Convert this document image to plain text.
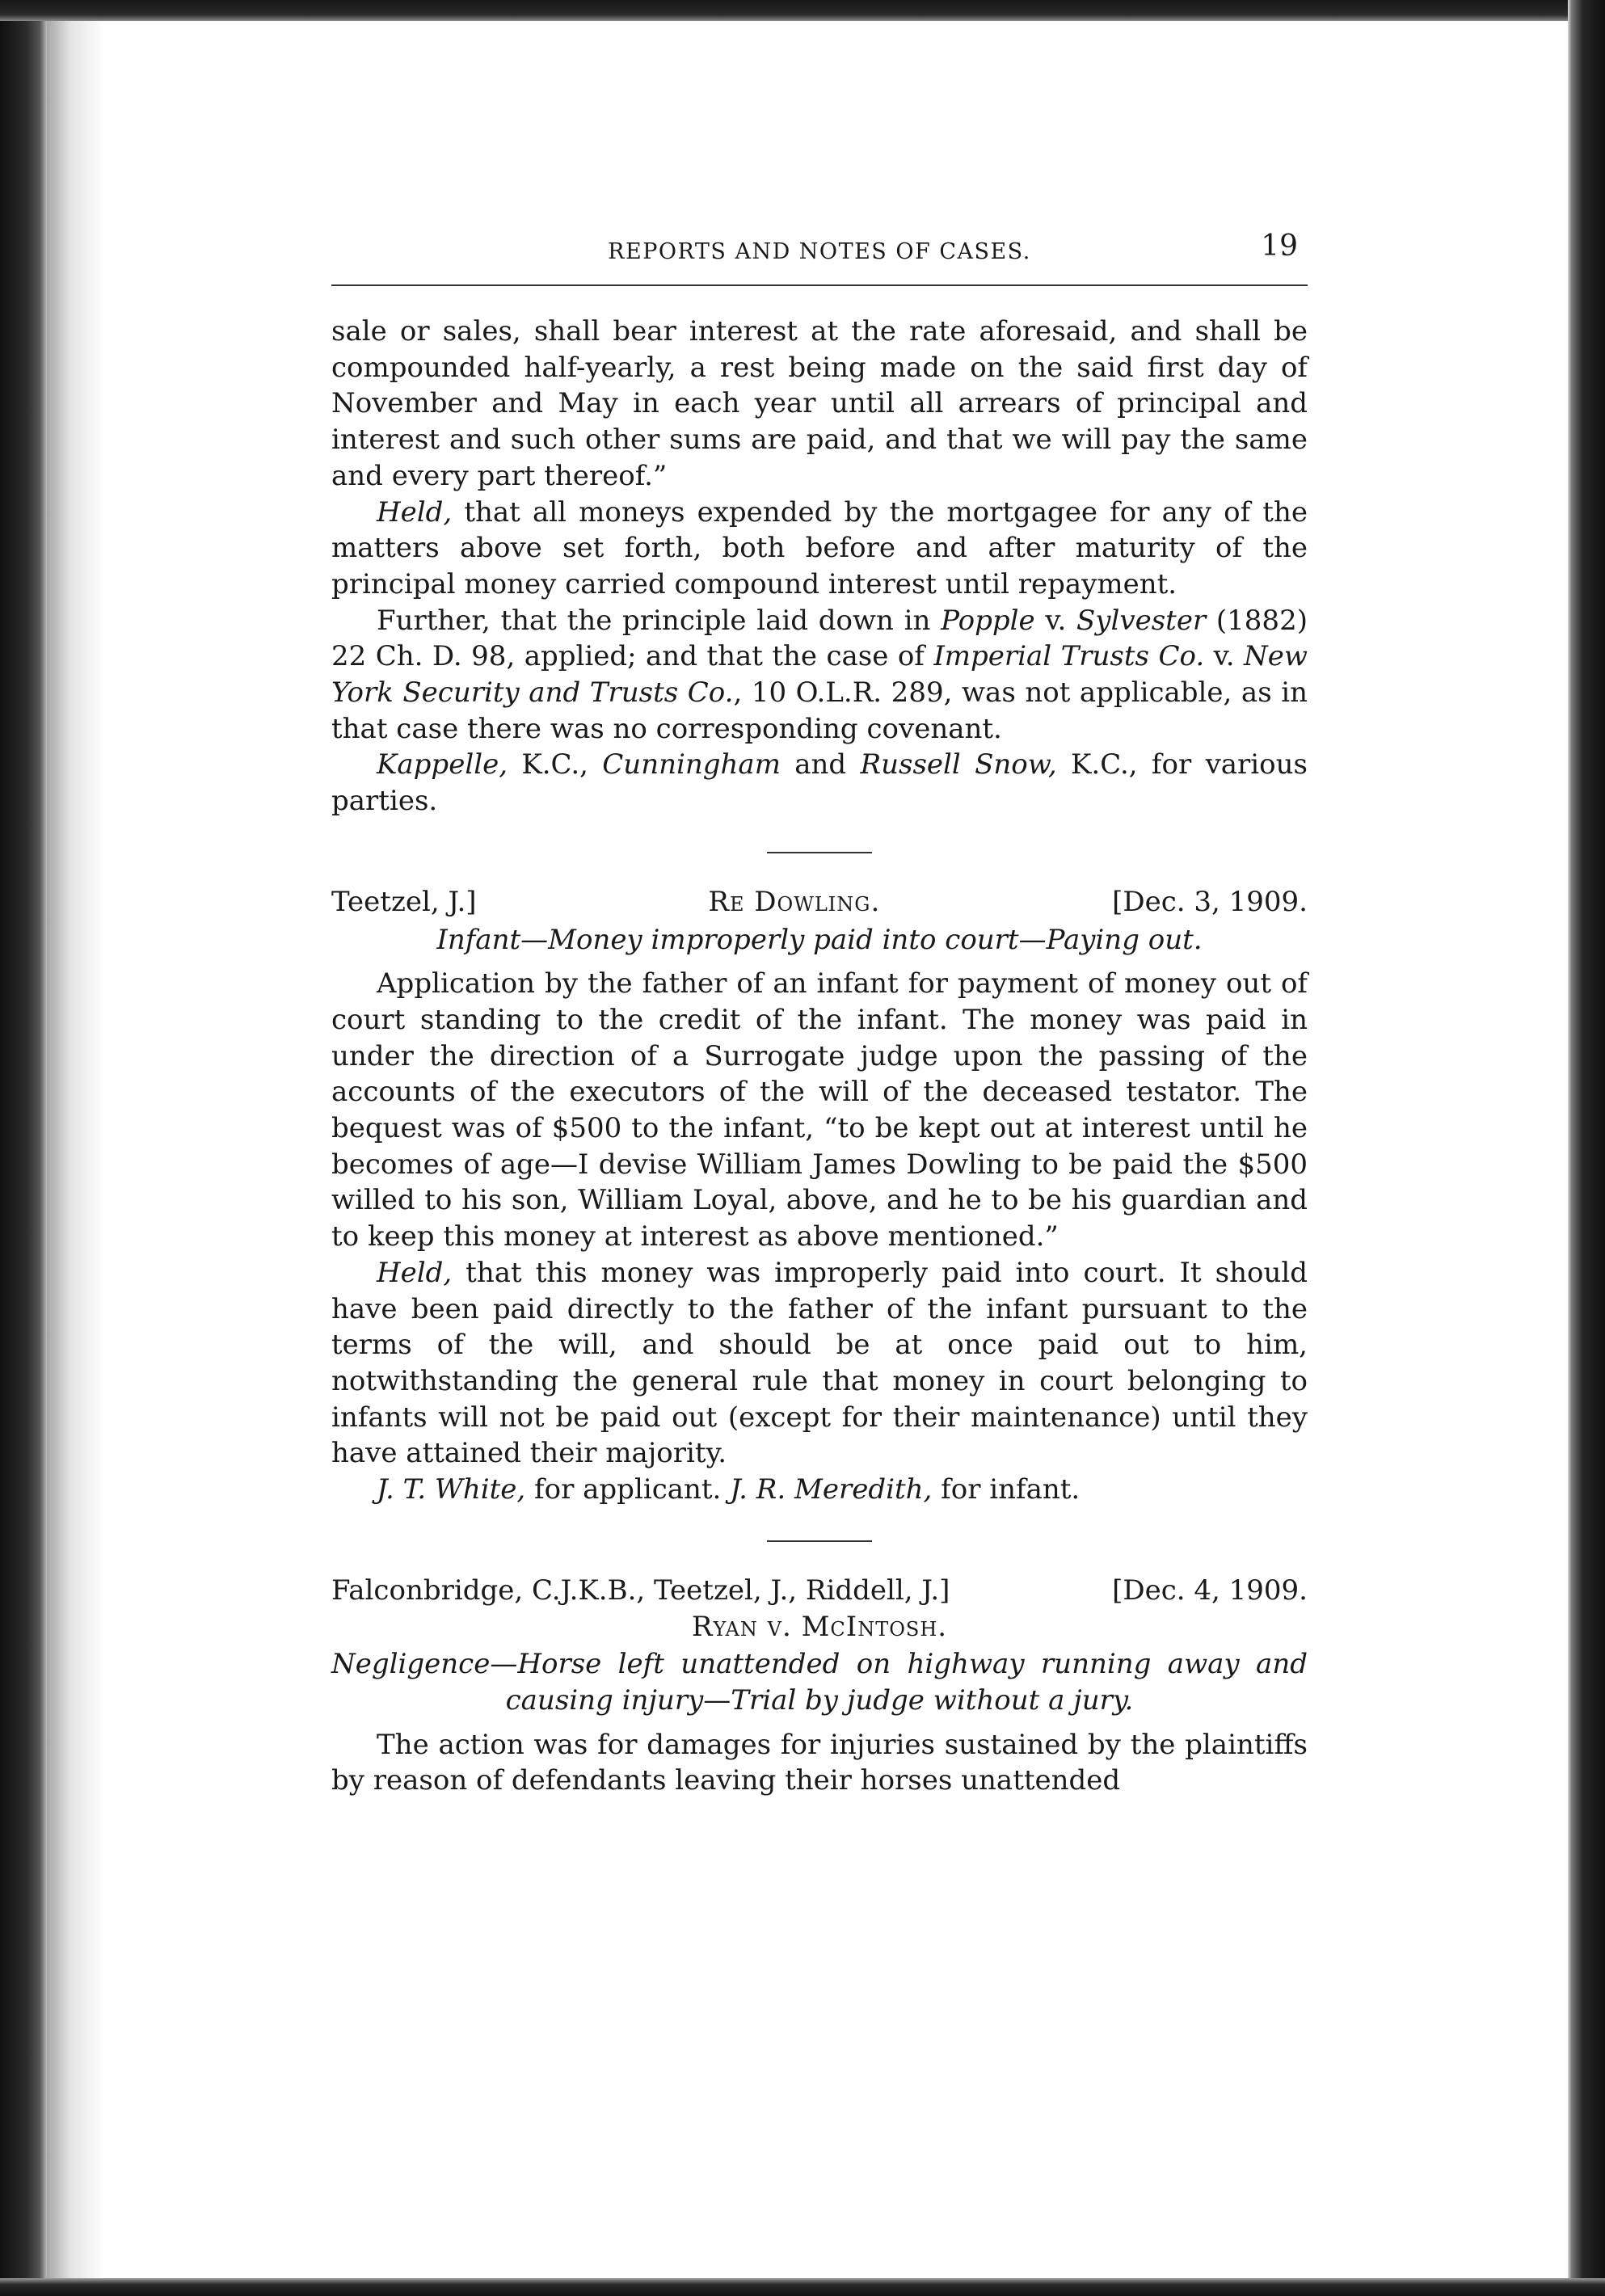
REPORTS AND NOTES OF CASES.	19

sale or sales, shall bear interest at the rate aforesaid, and shall be compounded half-yearly, a rest being made on the said first day of November and May in each year until all arrears of principal and interest and such other sums are paid, and that we will pay the same and every part thereof.”

Held, that all moneys expended by the mortgagee for any of the matters above set forth, both before and after maturity of the principal money carried compound interest until repayment.

Further, that the principle laid down in Popple v. Sylvester (1882) 22 Ch. D. 98, applied; and that the case of Imperial Trusts Co. v. New York Security and Trusts Co., 10 O.L.R. 289, was not applicable, as in that case there was no corresponding covenant.

Kappelle, K.C., Cunningham and Russell Snow, K.C., for various parties.

Teetzel, J.]	Re Dowling.	[Dec. 3, 1909.
Infant—Money improperly paid into court—Paying out.

Application by the father of an infant for payment of money out of court standing to the credit of the infant. The money was paid in under the direction of a Surrogate judge upon the passing of the accounts of the executors of the will of the deceased testator. The bequest was of $500 to the infant, “to be kept out at interest until he becomes of age—I devise William James Dowling to be paid the $500 willed to his son, William Loyal, above, and he to be his guardian and to keep this money at interest as above mentioned.”

Held, that this money was improperly paid into court. It should have been paid directly to the father of the infant pursuant to the terms of the will, and should be at once paid out to him, notwithstanding the general rule that money in court belonging to infants will not be paid out (except for their maintenance) until they have attained their majority.

J. T. White, for applicant. J. R. Meredith, for infant.

Falconbridge, C.J.K.B., Teetzel, J., Riddell, J.]	[Dec. 4, 1909.
Ryan v. McIntosh.
Negligence—Horse left unattended on highway running away and causing injury—Trial by judge without a jury.

The action was for damages for injuries sustained by the plaintiffs by reason of defendants leaving their horses unattended
